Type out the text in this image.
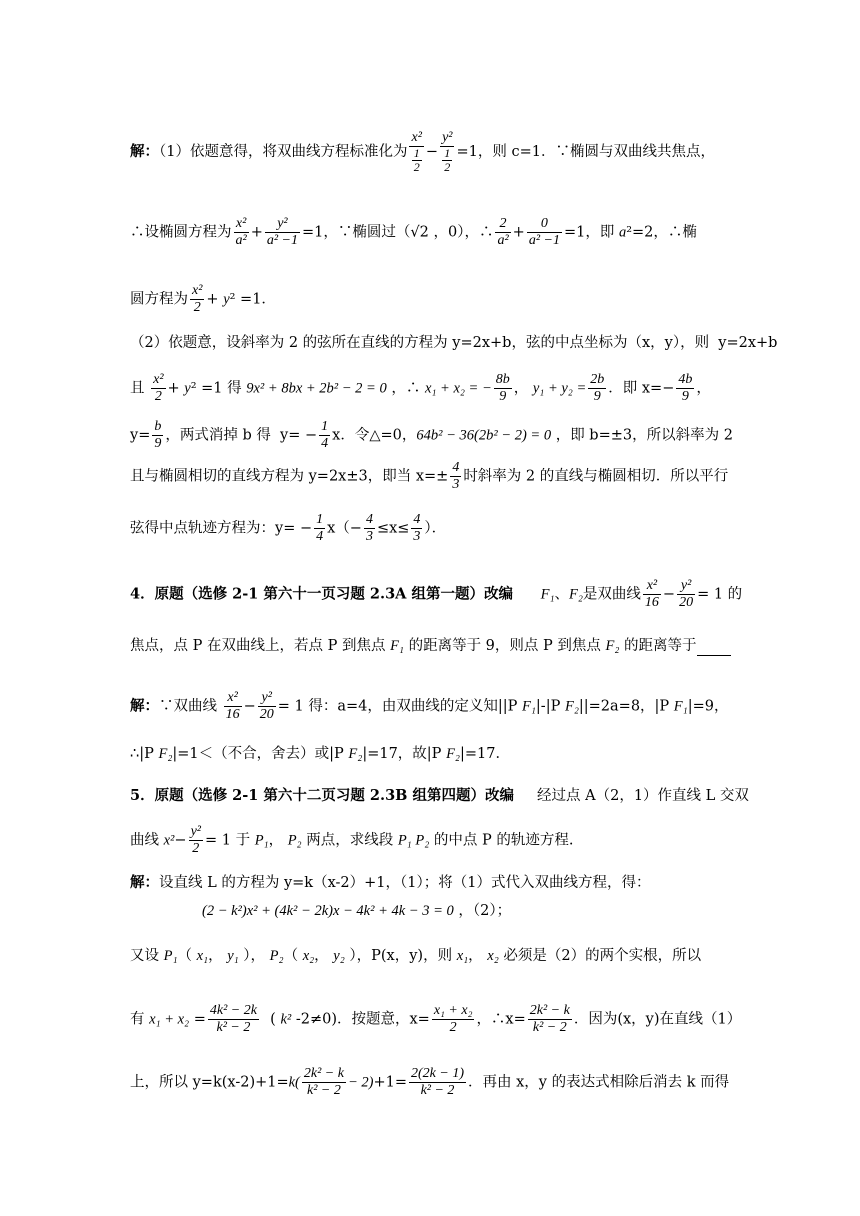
解：（1）依题意得，将双曲线方程标准化为 $\frac{\text{x²}}{\frac{1}{2}} - \frac{\text{y²}}{\frac{1}{2}} =1$，则 c=1．∵椭圆与双曲线共焦点，
∴设椭圆方程为 $\frac{\text{x²}}{\text{a²}} + \frac{\text{y²}}{\text{a² −1}} =1$，∵椭圆过（√2 ，0），∴ $\frac{2}{\text{a²}} + \frac{0}{\text{a² −1}} =1$，即 a²=2，∴椭
圆方程为 $\frac{\text{x²}}{2} + y^2 =1$．
（2）依题意，设斜率为 2 的弦所在直线的方程为 y=2x+b，弦的中点坐标为（x，y），则  y=2x+b
且 $\frac{\text{x²}}{2} + y^2 =1$ 得 9x² + 8bx + 2b² − 2 = 0 ，∴ x₁ + x₂ = − $\frac{8b}{9}$ ， $y_1 + y_2 = \frac{2b}{9}$ ．即 $x=- \frac{4b}{9}$ ，
$y= \frac{b}{9}$ ，两式消掉 b 得  $y= - \frac{1}{4}$ x．令△=0，64b² − 36(2b² − 2) = 0 ，即 b=±3，所以斜率为 2
且与椭圆相切的直线方程为 y=2x±3，即当 $x=\pm \frac{4}{3}$ 时斜率为 2 的直线与椭圆相切．所以平行
弦得中点轨迹方程为：$y= - \frac{1}{4} x(- \frac{4}{3} \le x\le \frac{4}{3}$ ）．
4．原题（选修 2-1 第六十一页习题 2.3A 组第一题）改编 F₁、F₂是双曲线 $\frac{\text{x²}}{16} - \frac{\text{y²}}{20} = 1$ 的
焦点，点 P 在双曲线上，若点 P 到焦点 F₁ 的距离等于 9，则点 P 到焦点 F₂ 的距离等于
解：∵双曲线 $\frac{\text{x²}}{16} - \frac{\text{y²}}{20} = 1$ 得：a=4，由双曲线的定义知||P F₁|-|P F₂||=2a=8，|P F₁|=9，
∴|P F₂|=1＜（不合，舍去）或|P F₂|=17，故|P F₂|=17．
5．原题（选修 2-1 第六十二页习题 2.3B 组第四题）改编     经过点 A（2，1）作直线 L 交双
曲线 $x^2- \frac{\text{y²}}{2} = 1$ 于 P₁， P₂ 两点，求线段 P₁ P₂ 的中点 P 的轨迹方程.
解：设直线 L 的方程为 y=k（x-2）+1，（1）；将（1）式代入双曲线方程，得：
(2 − k²)x² + (4k² − 2k)x − 4k² + 4k − 3 = 0 ，（2）；
又设 P₁（ x₁， y₁ ）， P₂（ x₂， y₂ ），P(x，y)，则 x₁， x₂ 必须是（2）的两个实根，所以
有 $x_1 + x_2 = \frac{\text{4k² − 2k}}{\text{k² − 2}}$ ( k² -2≠0)．按题意，$x= \frac{\text{x₁ + x₂}}{2}$ ，∴x= $\frac{\text{2k² − k}}{\text{k² − 2}}$ ．因为(x，y)在直线（1）
上，所以 $y=k(x-2)+1=k( \frac{\text{2k² − k}}{\text{k² − 2}} - 2)+1= \frac{2(2k - 1)}{\text{k² − 2}}$ ．再由 x，y 的表达式相除后消去 k 而得
